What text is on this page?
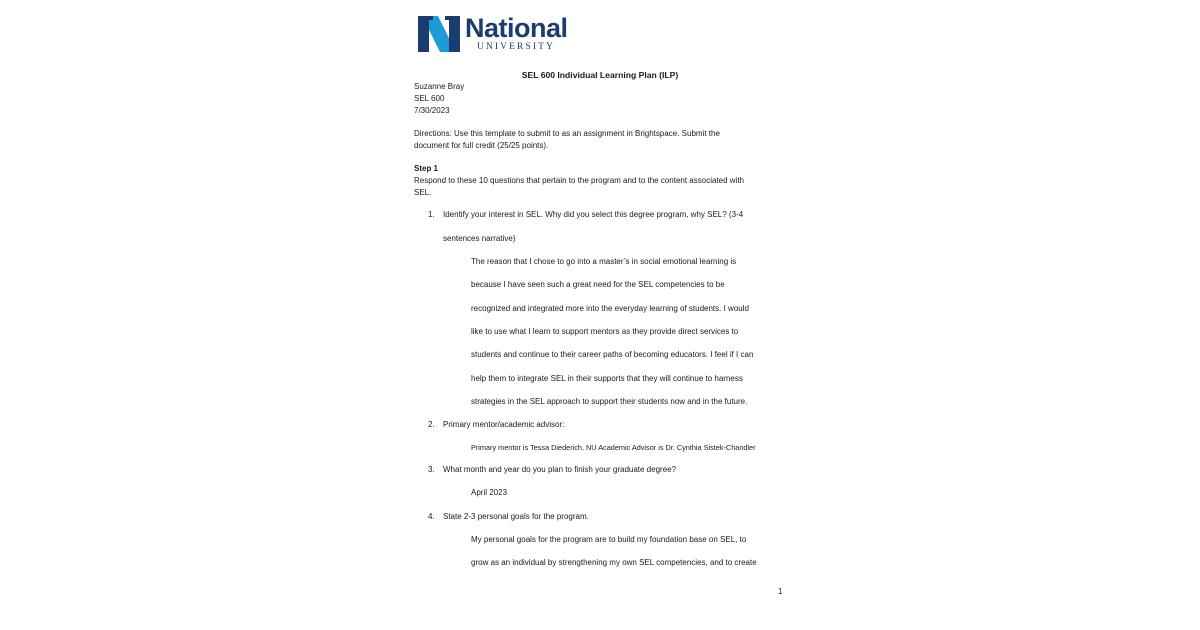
National
UNIVERSITY
SEL 600 Individual Learning Plan (ILP)
Suzanne Bray
SEL 600
7/30/2023
Directions: Use this template to submit to as an assignment in Brightspace. Submit the
document for full credit (25/25 points).
Step 1
Respond to these 10 questions that pertain to the program and to the content associated with
SEL.
1. Identify your interest in SEL. Why did you select this degree program, why SEL? (3-4
sentences narrative)
The reason that I chose to go into a master’s in social emotional learning is
because I have seen such a great need for the SEL competencies to be
recognized and integrated more into the everyday learning of students. I would
like to use what I learn to support mentors as they provide direct services to
students and continue to their career paths of becoming educators. I feel if I can
help them to integrate SEL in their supports that they will continue to harness
strategies in the SEL approach to support their students now and in the future.
2. Primary mentor/academic advisor:
Primary mentor is Tessa Diederich, NU Academic Advisor is Dr. Cynthia Sistek-Chandler
3. What month and year do you plan to finish your graduate degree?
April 2023
4. State 2-3 personal goals for the program.
My personal goals for the program are to build my foundation base on SEL, to
grow as an individual by strengthening my own SEL competencies, and to create
1
